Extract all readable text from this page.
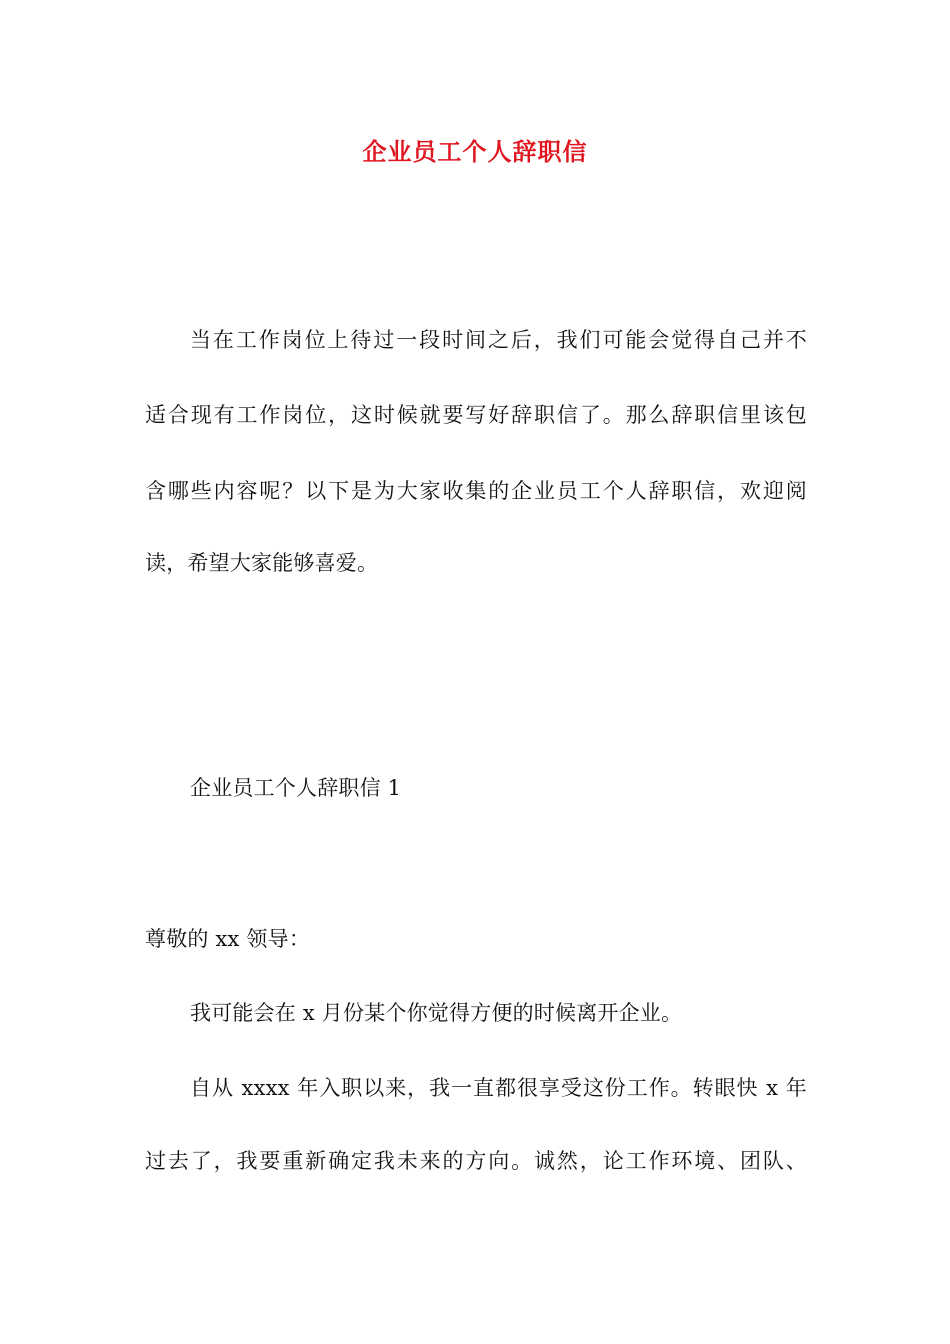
企业员工个人辞职信
当在工作岗位上待过一段时间之后，我们可能会觉得自己并不
适合现有工作岗位，这时候就要写好辞职信了。那么辞职信里该包
含哪些内容呢？以下是为大家收集的企业员工个人辞职信，欢迎阅
读，希望大家能够喜爱。
企业员工个人辞职信 1
尊敬的 xx 领导：
我可能会在 x 月份某个你觉得方便的时候离开企业。
自从 xxxx 年入职以来，我一直都很享受这份工作。转眼快 x 年
过去了，我要重新确定我未来的方向。诚然，论工作环境、团队、
